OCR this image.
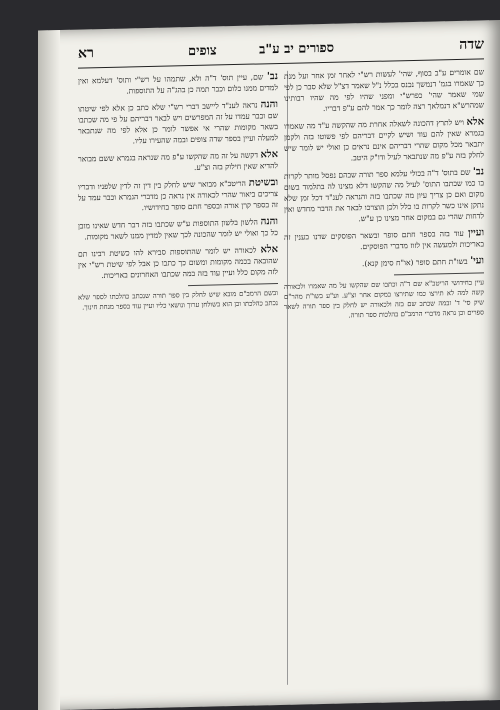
שדה
ספורים יב ע"ב
צופים
רא

שם אומרים ע"ב בסוף, שהי' לעשות רש"י לאחר זמן אחר ועל מנת כך שאמרו בגמ' דנמשך נכנס בכלל נ"ל שאמר דצ"ל שלא סבר כן לפי שמי שאמר שהי' כפרש"י ומפני שהיו לפי מה שהיו רבותינו שמהרש"א דנמלאך רצה לומר כך אמר להם ע"פ דבריו.

אלא ויש לתרץ דהכונה לשאלה אחרת מה שהקשה ע"ד מה שאמרו בגמרא שאין להם עוד ושיש לקיים דבריהם לפי פשוטו בזה ולקמן יתבאר מכל מקום שהרי דבריהם אינם נראים כן ואולי יש לומר שיש לחלק בזה ע"פ מה שנתבאר לעיל ודו"ק היטב.

נב' שם בתוס' ד"ה בכולי עלמא ספר תורה שבהם נפסל מותר לקרות בו כמו שכתבו התוס' לעיל מה שהקשו דלא מצינו לה בתלמוד בשום מקום ואם כן צריך עיון מה שכתבו בזה והנראה לענ"ד דכל זמן שלא נתקן אינו כשר לקרות בו כלל ולכן הוצרכו לבאר את הדבר מחדש ואין לדחות שהרי גם במקום אחר מצינו כן ע"ש.

ועיין עוד בזה בספר חתם סופר ובשאר הפוסקים שדנו בענין זה באריכות ולמעשה אין לזוז מדברי הפוסקים.

ועי' בשו"ת חתם סופר (או"ח סימן קנא).

עיין בחידושי הריטב"א שם ד"ה וכתבו שם שהקשו על מה שאמרו ולכאורה קשה למה לא תירצו כמו שתירצו במקום אחר וצ"ע. וע"ע בשו"ת מהר"ם שיק סי' ד' ובמה שכתב שם בזה ולכאורה יש לחלק בין ספר תורה לשאר ספרים וכן נראה מדברי הרמב"ם בהלכות ספר תורה.

נב' שם, עיין תוס' ד"ה ולא, שתמהו על רש"י ותוס' דעלמא ואין למדים ממנו כלום וכבר תמה כן בהג"ה על התוספות.

והנה נראה לענ"ד ליישב דברי רש"י שלא כתב כן אלא לפי שיטתו שם וכבר עמדו על זה המפרשים ויש לבאר דבריהם על פי מה שכתבו בשאר מקומות שהרי אי אפשר לומר כן אלא לפי מה שנתבאר למעלה ועיין בספר שדה צופים ובמה שהעירו עליו.

אלא דקשה על זה מה שהקשו ע"פ מה שנראה בגמרא ששם מבואר להדיא שאין חילוק בזה וצ"ע.

ובשיטת הריטב"א מבואר שיש לחלק בין דין זה לדין שלפניו ודבריו צריכים ביאור שהרי לכאורה אין נראה כן מדברי הגמרא וכבר עמד על זה בספר קרן אורה ובספר חתם סופר בחידושיו.

והנה הלשון בלשון התוספות ע"ש שכתבו בזה דבר חדש שאינו מובן כל כך ואולי יש לומר שהכונה לכך שאין למדין ממנו לשאר מקומות.

אלא לכאורה יש לומר שהתוספות סבירא להו כשיטת רבינו תם שהובאה בכמה מקומות ומשום כך כתבו כן אבל לפי שיטת רש"י אין לזה מקום כלל ועיין עוד בזה במה שכתבו האחרונים באריכות.

ובשם הרמב"ם מובא שיש לחלק בין ספר תורה שנכתב כהלכתו לספר שלא נכתב כהלכתו וכן הוא בשולחן ערוך ונושאי כליו ועיין עוד בספר מנחת חינוך.
